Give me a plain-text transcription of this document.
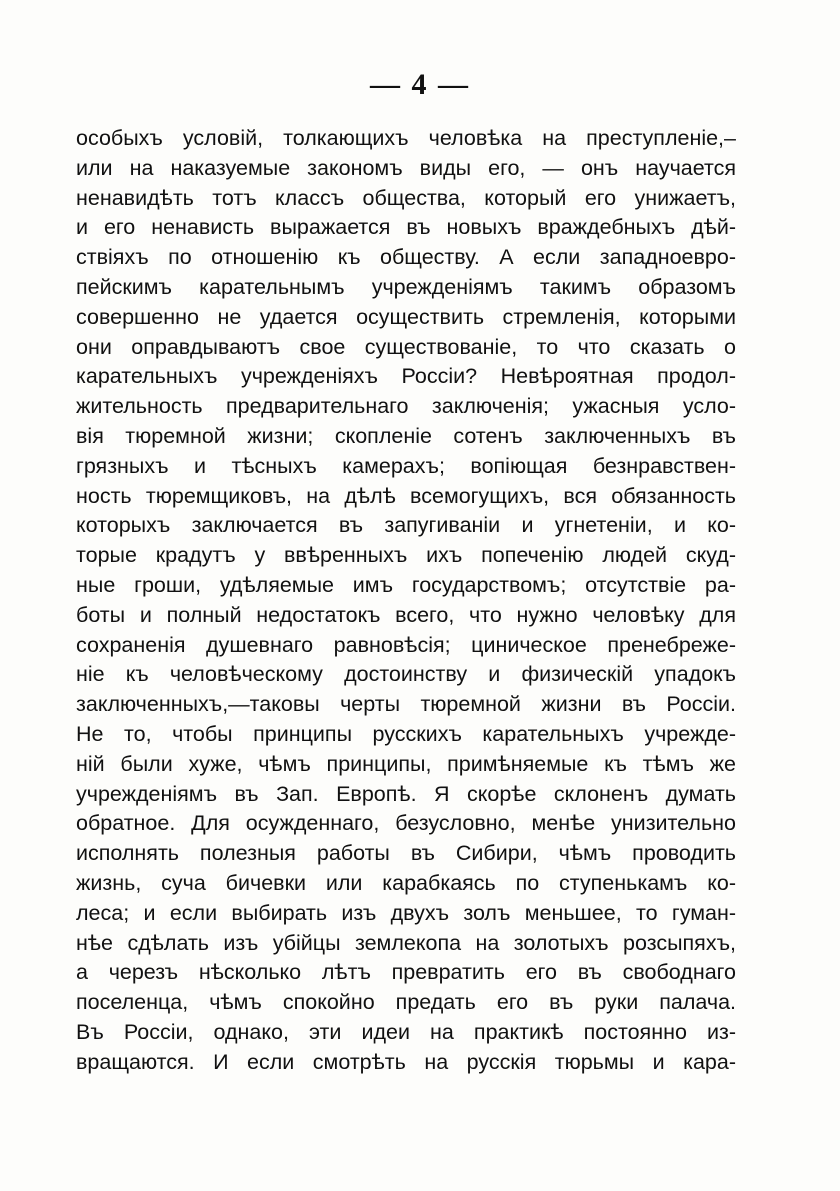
— 4 —
особыхъ условій, толкающихъ человѣка на преступленіе,–
или на наказуемые закономъ виды его, — онъ научается
ненавидѣть тотъ классъ общества, который его унижаетъ,
и его ненависть выражается въ новыхъ враждебныхъ дѣй-
ствіяхъ по отношенію къ обществу. А если западноевро-
пейскимъ карательнымъ учрежденіямъ такимъ образомъ
совершенно не удается осуществить стремленія, которыми
они оправдываютъ свое существованіе, то что сказать о
карательныхъ учрежденіяхъ Россіи? Невѣроятная продол-
жительность предварительнаго заключенія; ужасныя усло-
вія тюремной жизни; скопленіе сотенъ заключенныхъ въ
грязныхъ и тѣсныхъ камерахъ; вопіющая безнравствен-
ность тюремщиковъ, на дѣлѣ всемогущихъ, вся обязанность
которыхъ заключается въ запугиваніи и угнетеніи, и ко-
торые крадутъ у ввѣренныхъ ихъ попеченію людей скуд-
ные гроши, удѣляемые имъ государствомъ; отсутствіе ра-
боты и полный недостатокъ всего, что нужно человѣку для
сохраненія душевнаго равновѣсія; циническое пренебреже-
ніе къ человѣческому достоинству и физическій упадокъ
заключенныхъ,—таковы черты тюремной жизни въ Россіи.
Не то, чтобы принципы русскихъ карательныхъ учрежде-
ній были хуже, чѣмъ принципы, примѣняемые къ тѣмъ же
учрежденіямъ въ Зап. Европѣ. Я скорѣе склоненъ думать
обратное. Для осужденнаго, безусловно, менѣе унизительно
исполнять полезныя работы въ Сибири, чѣмъ проводить
жизнь, суча бичевки или карабкаясь по ступенькамъ ко-
леса; и если выбирать изъ двухъ золъ меньшее, то гуман-
нѣе сдѣлать изъ убійцы землекопа на золотыхъ розсыпяхъ,
а черезъ нѣсколько лѣтъ превратить его въ свободнаго
поселенца, чѣмъ спокойно предать его въ руки палача.
Въ Россіи, однако, эти идеи на практикѣ постоянно из-
вращаются. И если смотрѣть на русскія тюрьмы и кара-
